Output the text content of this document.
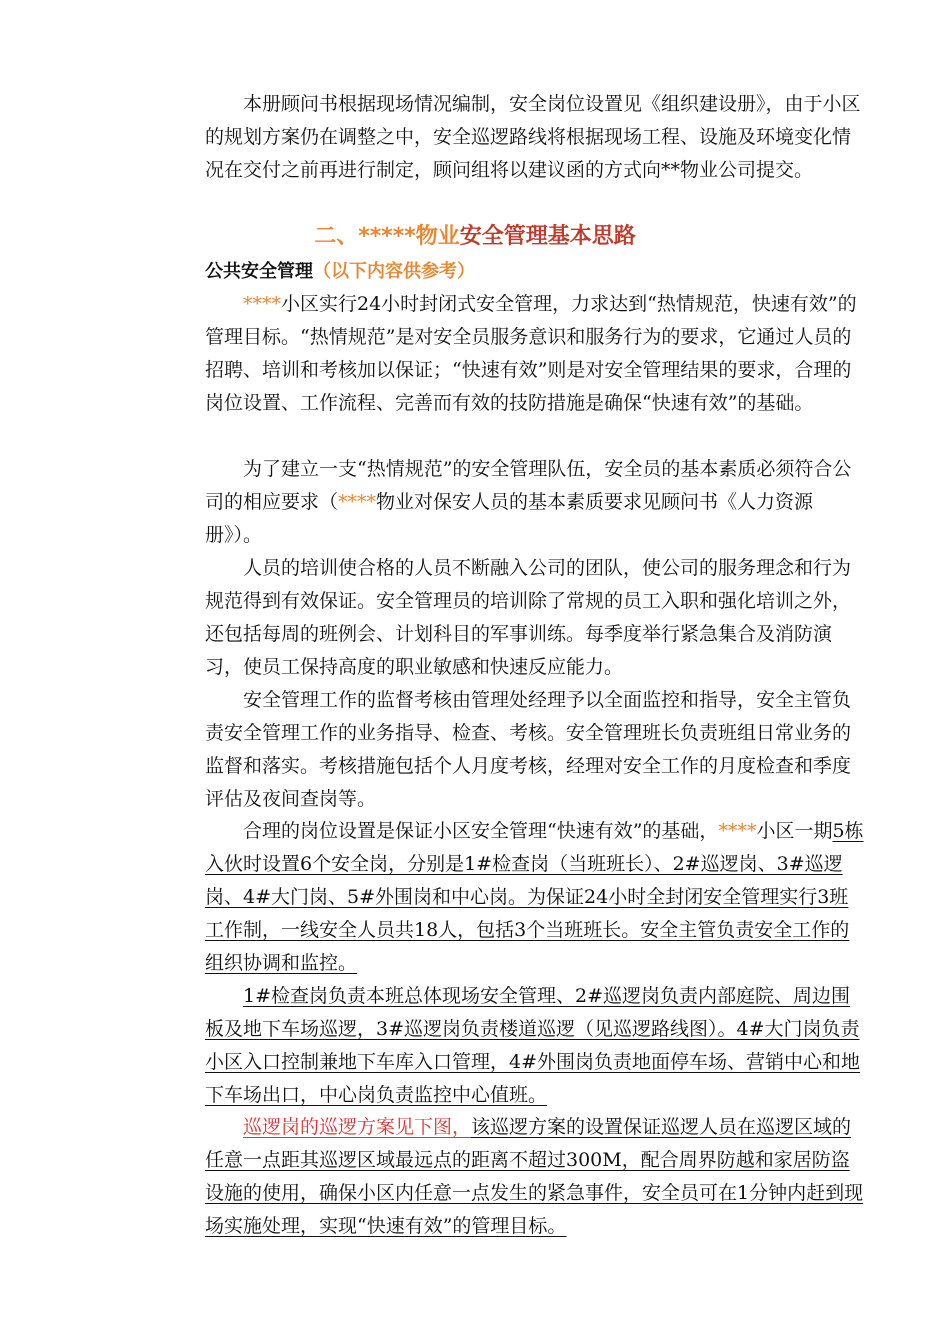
本册顾问书根据现场情况编制，安全岗位设置见《组织建设册》，由于小区的规划方案仍在调整之中，安全巡逻路线将根据现场工程、设施及环境变化情况在交付之前再进行制定，顾问组将以建议函的方式向**物业公司提交。

二、*****物业安全管理基本思路
公共安全管理（以下内容供参考）

****小区实行24小时封闭式安全管理，力求达到“热情规范，快速有效”的管理目标。“热情规范”是对安全员服务意识和服务行为的要求，它通过人员的招聘、培训和考核加以保证；“快速有效”则是对安全管理结果的要求，合理的岗位设置、工作流程、完善而有效的技防措施是确保“快速有效”的基础。

为了建立一支“热情规范”的安全管理队伍，安全员的基本素质必须符合公司的相应要求（****物业对保安人员的基本素质要求见顾问书《人力资源册》）。

人员的培训使合格的人员不断融入公司的团队，使公司的服务理念和行为规范得到有效保证。安全管理员的培训除了常规的员工入职和强化培训之外，还包括每周的班例会、计划科目的军事训练。每季度举行紧急集合及消防演习，使员工保持高度的职业敏感和快速反应能力。

安全管理工作的监督考核由管理处经理予以全面监控和指导，安全主管负责安全管理工作的业务指导、检查、考核。安全管理班长负责班组日常业务的监督和落实。考核措施包括个人月度考核，经理对安全工作的月度检查和季度评估及夜间查岗等。

合理的岗位设置是保证小区安全管理“快速有效”的基础，****小区一期5栋入伙时设置6个安全岗，分别是1#检查岗（当班班长）、2#巡逻岗、3#巡逻岗、4#大门岗、5#外围岗和中心岗。为保证24小时全封闭安全管理实行3班工作制，一线安全人员共18人，包括3个当班班长。安全主管负责安全工作的组织协调和监控。

1#检查岗负责本班总体现场安全管理、2#巡逻岗负责内部庭院、周边围板及地下车场巡逻，3#巡逻岗负责楼道巡逻（见巡逻路线图）。4#大门岗负责小区入口控制兼地下车库入口管理，4#外围岗负责地面停车场、营销中心和地下车场出口，中心岗负责监控中心值班。

巡逻岗的巡逻方案见下图，该巡逻方案的设置保证巡逻人员在巡逻区域的任意一点距其巡逻区域最远点的距离不超过300M，配合周界防越和家居防盗设施的使用，确保小区内任意一点发生的紧急事件，安全员可在1分钟内赶到现场实施处理，实现“快速有效”的管理目标。
